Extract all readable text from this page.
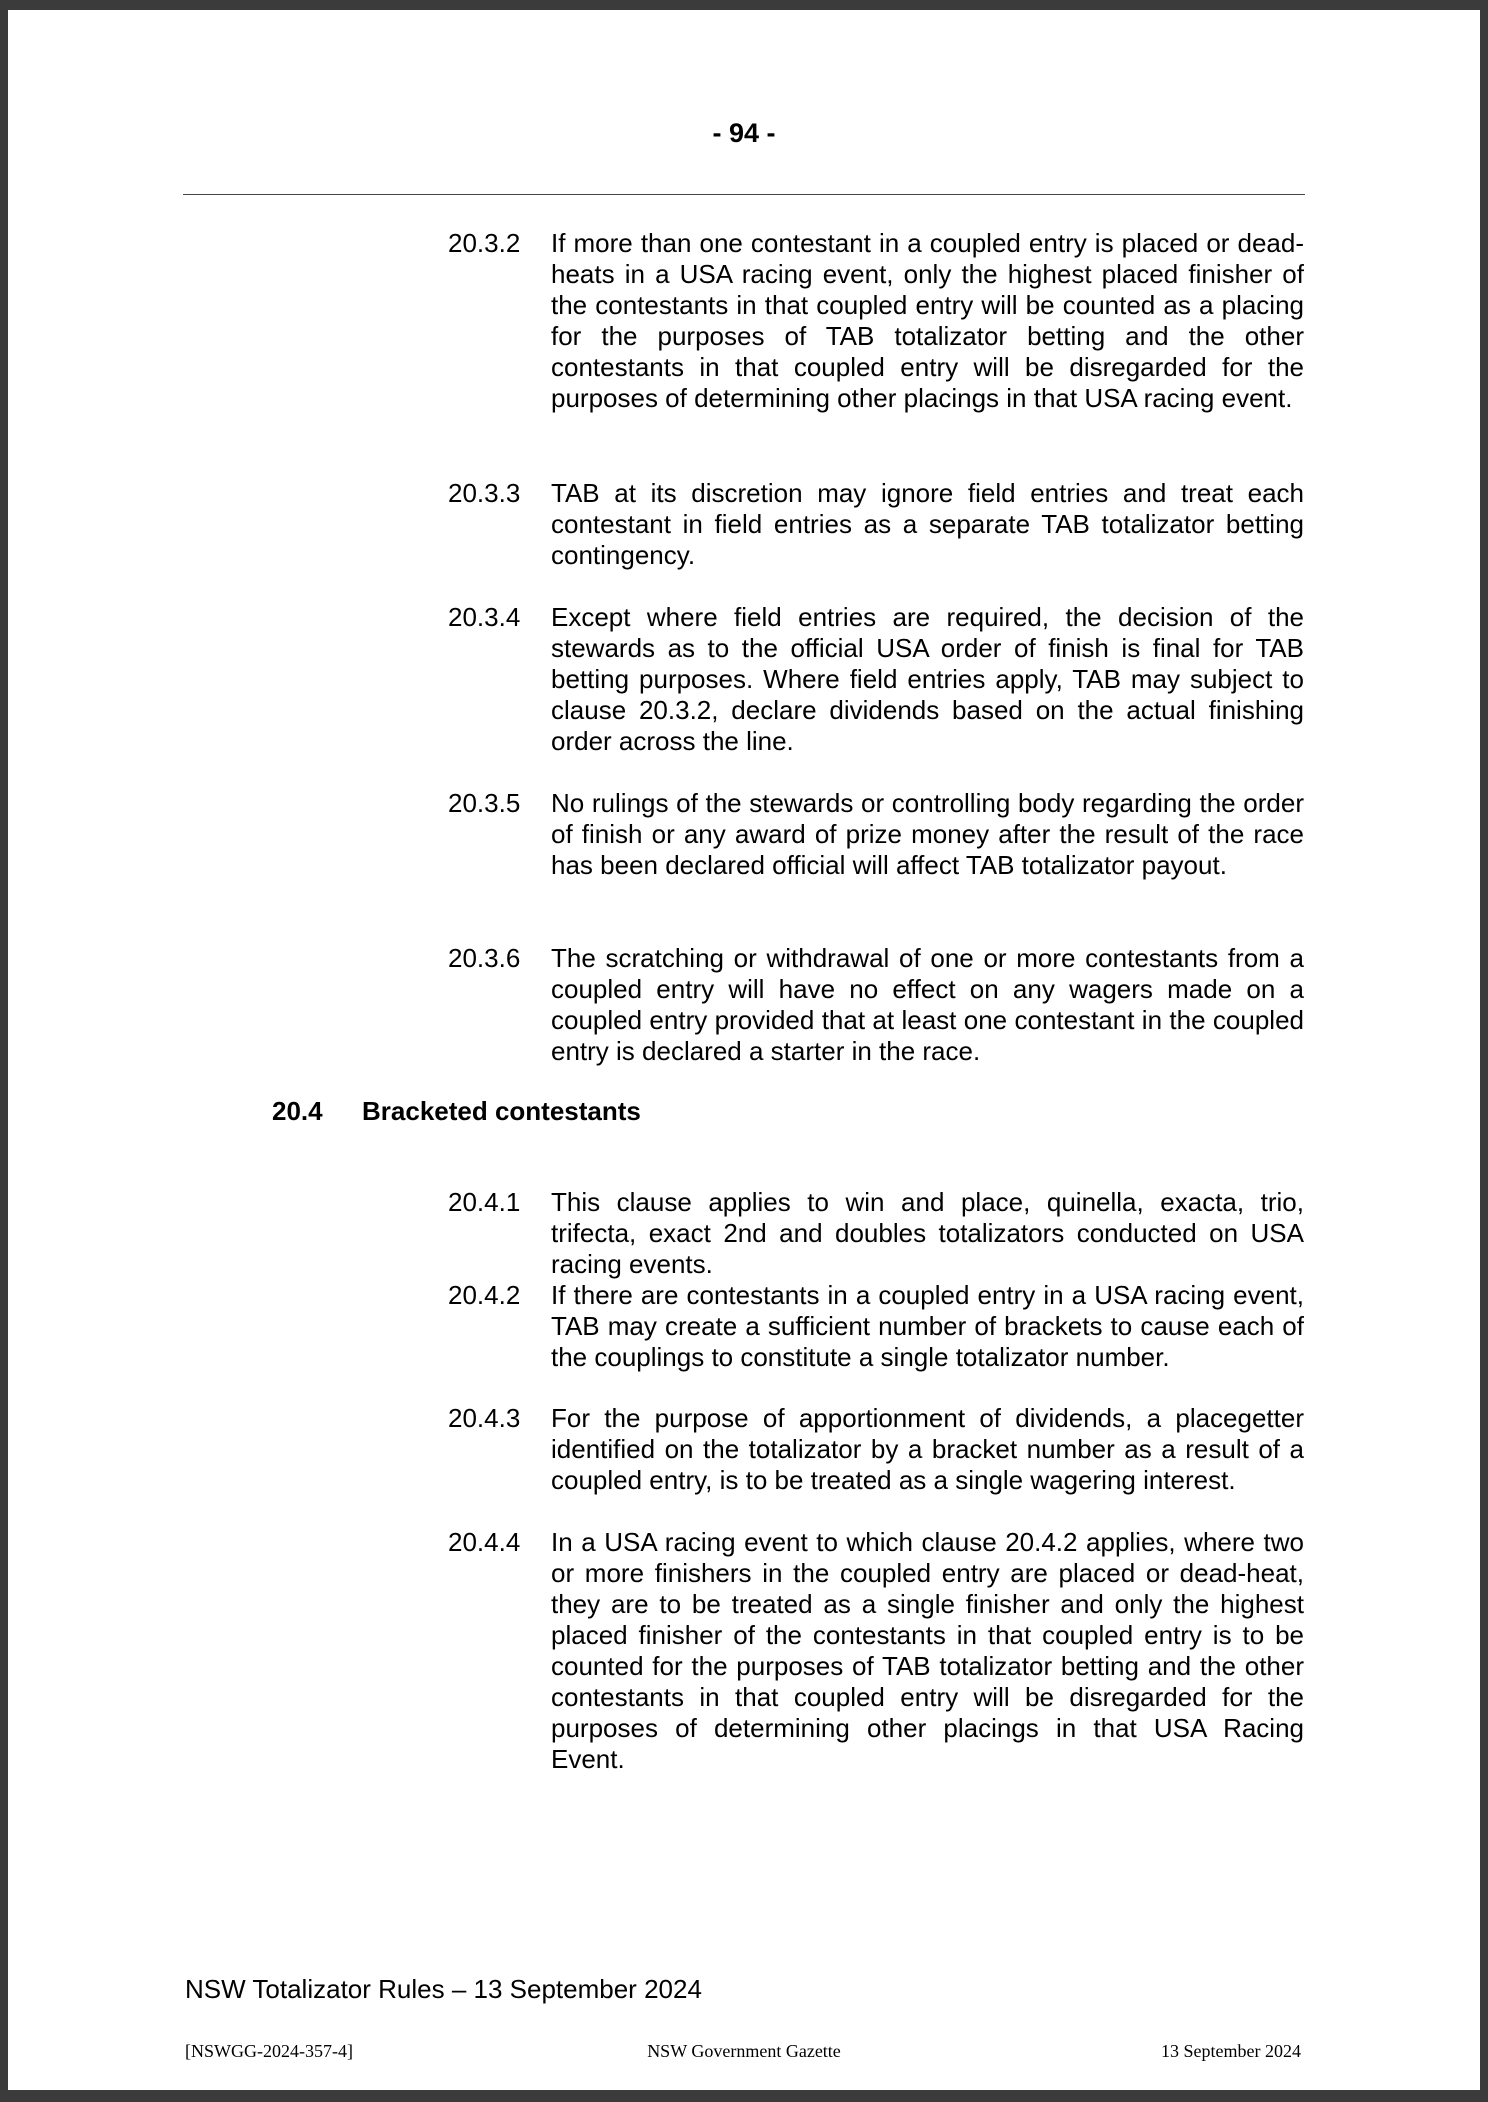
- 94 -
20.3.2	If more than one contestant in a coupled entry is placed or dead- heats in a USA racing event, only the highest placed finisher of the contestants in that coupled entry will be counted as a placing for the purposes of TAB totalizator betting and the other contestants in that coupled entry will be disregarded for the purposes of determining other placings in that USA racing event.
20.3.3	TAB at its discretion may ignore field entries and treat each contestant in field entries as a separate TAB totalizator betting contingency.
20.3.4	Except where field entries are required, the decision of the stewards as to the official USA order of finish is final for TAB betting purposes. Where field entries apply, TAB may subject to clause 20.3.2, declare dividends based on the actual finishing order across the line.
20.3.5	No rulings of the stewards or controlling body regarding the order of finish or any award of prize money after the result of the race has been declared official will affect TAB totalizator payout.
20.3.6	The scratching or withdrawal of one or more contestants from a coupled entry will have no effect on any wagers made on a coupled entry provided that at least one contestant in the coupled entry is declared a starter in the race.
20.4	Bracketed contestants
20.4.1	This clause applies to win and place, quinella, exacta, trio, trifecta, exact 2nd and doubles totalizators conducted on USA racing events.
20.4.2	If there are contestants in a coupled entry in a USA racing event, TAB may create a sufficient number of brackets to cause each of the couplings to constitute a single totalizator number.
20.4.3	For the purpose of apportionment of dividends, a placegetter identified on the totalizator by a bracket number as a result of a coupled entry, is to be treated as a single wagering interest.
20.4.4	In a USA racing event to which clause 20.4.2 applies, where two or more finishers in the coupled entry are placed or dead-heat, they are to be treated as a single finisher and only the highest placed finisher of the contestants in that coupled entry is to be counted for the purposes of TAB totalizator betting and the other contestants in that coupled entry will be disregarded for the purposes of determining other placings in that USA Racing Event.
NSW Totalizator Rules – 13 September 2024
[NSWGG-2024-357-4]	NSW Government Gazette	13 September 2024
